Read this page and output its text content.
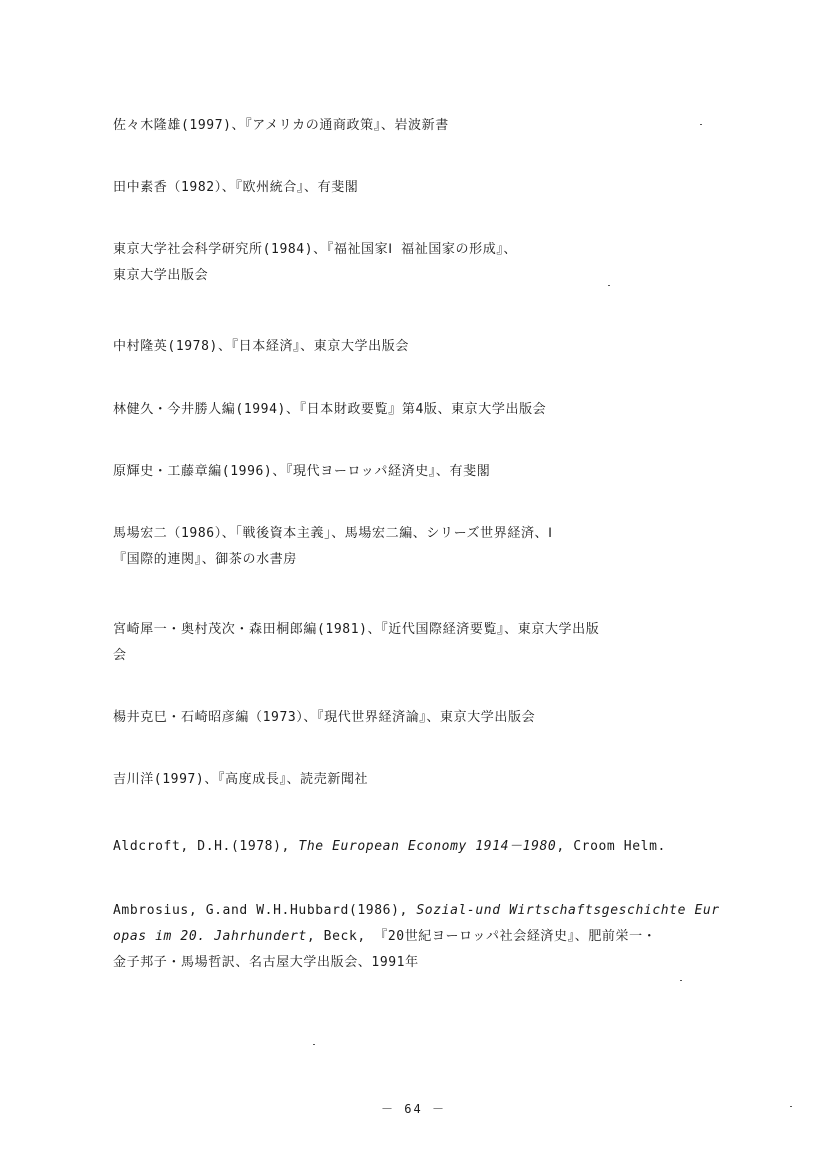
佐々木隆雄(1997)、『アメリカの通商政策』、岩波新書
田中素香（1982）、『欧州統合』、有斐閣
東京大学社会科学研究所(1984)、『福祉国家Ⅰ 福祉国家の形成』、
東京大学出版会
中村隆英(1978)、『日本経済』、東京大学出版会
林健久・今井勝人編(1994)、『日本財政要覧』第4版、東京大学出版会
原輝史・工藤章編(1996)、『現代ヨーロッパ経済史』、有斐閣
馬場宏二（1986）、「戦後資本主義」、馬場宏二編、シリーズ世界経済、Ⅰ
『国際的連関』、御茶の水書房
宮崎犀一・奥村茂次・森田桐郎編(1981)、『近代国際経済要覧』、東京大学出版
会
楊井克巳・石崎昭彦編（1973）、『現代世界経済論』、東京大学出版会
吉川洋(1997)、『高度成長』、読売新聞社
Aldcroft, D.H.(1978), The European Economy 1914－1980, Croom Helm.
Ambrosius, G.and W.H.Hubbard(1986), Sozial-und Wirtschaftsgeschichte Eur
opas im 20. Jahrhundert, Beck, 『20世紀ヨーロッパ社会経済史』、肥前栄一・
金子邦子・馬場哲訳、名古屋大学出版会、1991年
－ 64 －
